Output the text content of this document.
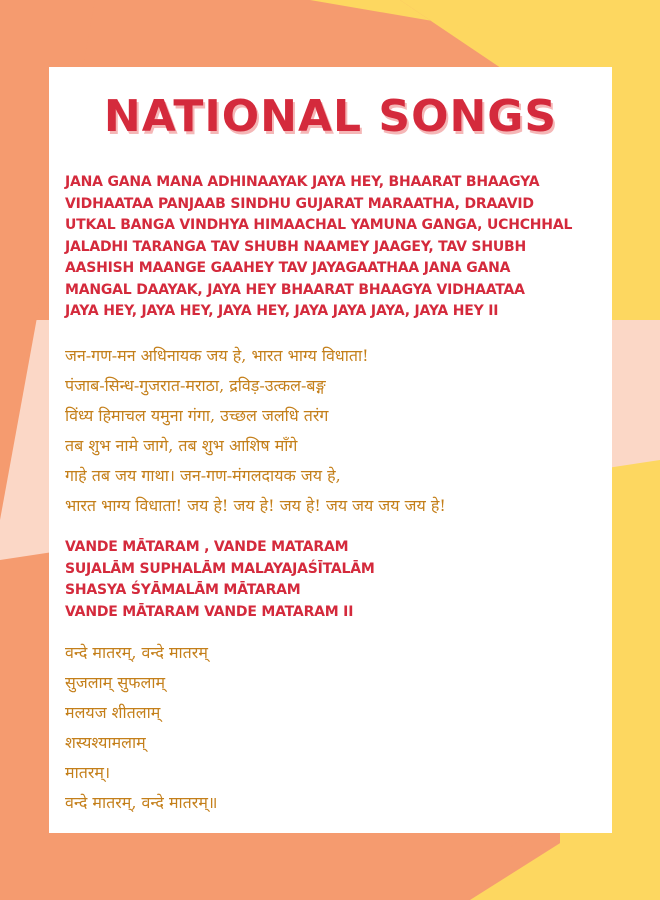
NATIONAL SONGS
JANA GANA MANA ADHINAAYAK JAYA HEY, BHAARAT BHAAGYA
VIDHAATAA PANJAAB SINDHU GUJARAT MARAATHA, DRAAVID
UTKAL BANGA VINDHYA HIMAACHAL YAMUNA GANGA, UCHCHHAL
JALADHI TARANGA TAV SHUBH NAAMEY JAAGEY, TAV SHUBH
AASHISH MAANGE GAAHEY TAV JAYAGAATHAA JANA GANA
MANGAL DAAYAK, JAYA HEY BHAARAT BHAAGYA VIDHAATAA
JAYA HEY, JAYA HEY, JAYA HEY, JAYA JAYA JAYA, JAYA HEY II
जन-गण-मन अधिनायक जय हे, भारत भाग्य विधाता!
पंजाब-सिन्ध-गुजरात-मराठा, द्रविड़-उत्कल-बङ्ग
विंध्य हिमाचल यमुना गंगा, उच्छल जलधि तरंग
तब शुभ नामे जागे, तब शुभ आशिष माँगे
गाहे तब जय गाथा। जन-गण-मंगलदायक जय हे,
भारत भाग्य विधाता! जय हे! जय हे! जय हे! जय जय जय जय हे!
VANDE MĀTARAM , VANDE MATARAM
SUJALĀM SUPHALĀM MALAYAJAŚĪTALĀM
SHASYA ŚYĀMALĀM MĀTARAM
VANDE MĀTARAM VANDE MATARAM II
वन्दे मातरम्, वन्दे मातरम्
सुजलाम् सुफलाम्
मलयज शीतलाम्
शस्यश्यामलाम्
मातरम्।
वन्दे मातरम्, वन्दे मातरम्॥
